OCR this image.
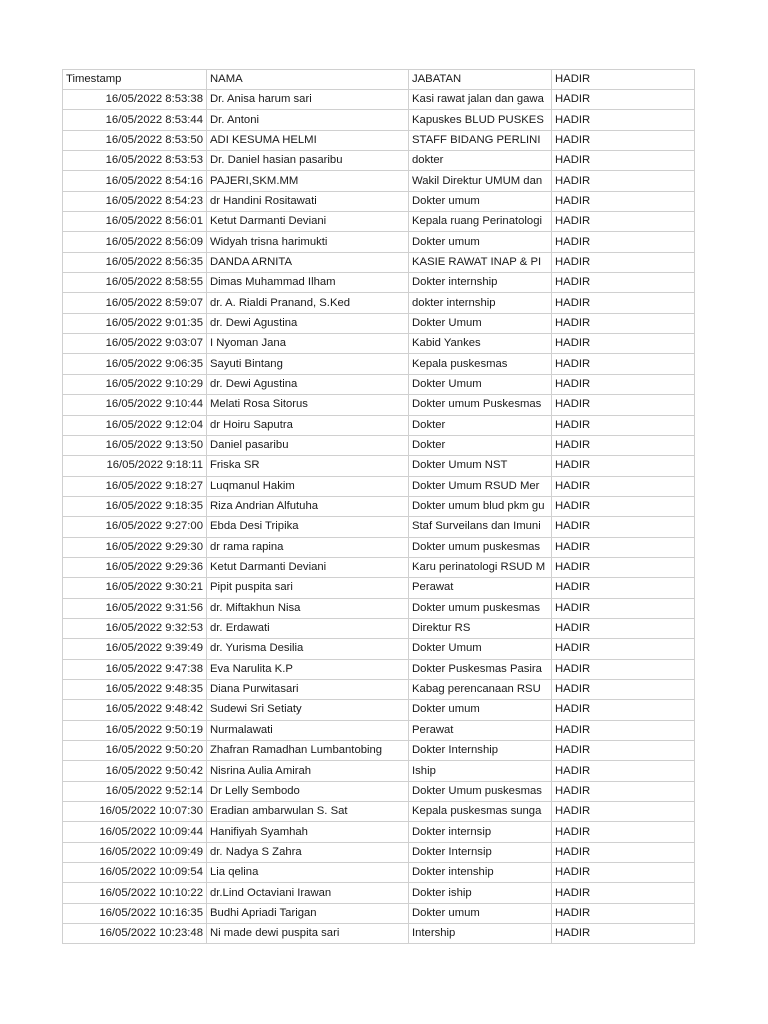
Timestamp	NAMA	JABATAN	HADIR
16/05/2022 8:53:38	Dr. Anisa harum sari	Kasi rawat jalan dan gawa	HADIR
16/05/2022 8:53:44	Dr. Antoni	Kapuskes BLUD PUSKES	HADIR
16/05/2022 8:53:50	ADI KESUMA HELMI	STAFF BIDANG PERLINI	HADIR
16/05/2022 8:53:53	Dr. Daniel hasian pasaribu	dokter	HADIR
16/05/2022 8:54:16	PAJERI,SKM.MM	Wakil Direktur UMUM dan	HADIR
16/05/2022 8:54:23	dr Handini Rositawati	Dokter umum	HADIR
16/05/2022 8:56:01	Ketut Darmanti Deviani	Kepala ruang Perinatologi	HADIR
16/05/2022 8:56:09	Widyah trisna harimukti	Dokter umum	HADIR
16/05/2022 8:56:35	DANDA ARNITA	KASIE RAWAT INAP & PI	HADIR
16/05/2022 8:58:55	Dimas Muhammad Ilham	Dokter internship	HADIR
16/05/2022 8:59:07	dr. A. Rialdi Pranand, S.Ked	dokter internship	HADIR
16/05/2022 9:01:35	dr. Dewi Agustina	Dokter Umum	HADIR
16/05/2022 9:03:07	I Nyoman Jana	Kabid Yankes	HADIR
16/05/2022 9:06:35	Sayuti Bintang	Kepala puskesmas	HADIR
16/05/2022 9:10:29	dr. Dewi Agustina	Dokter Umum	HADIR
16/05/2022 9:10:44	Melati Rosa Sitorus	Dokter umum Puskesmas	HADIR
16/05/2022 9:12:04	dr Hoiru Saputra	Dokter	HADIR
16/05/2022 9:13:50	Daniel pasaribu	Dokter	HADIR
16/05/2022 9:18:11	Friska SR	Dokter Umum NST	HADIR
16/05/2022 9:18:27	Luqmanul Hakim	Dokter Umum RSUD Mer	HADIR
16/05/2022 9:18:35	Riza Andrian Alfutuha	Dokter umum blud pkm gu	HADIR
16/05/2022 9:27:00	Ebda Desi Tripika	Staf Surveilans dan Imuni	HADIR
16/05/2022 9:29:30	dr rama rapina	Dokter umum puskesmas	HADIR
16/05/2022 9:29:36	Ketut Darmanti Deviani	Karu perinatologi RSUD M	HADIR
16/05/2022 9:30:21	Pipit puspita sari	Perawat	HADIR
16/05/2022 9:31:56	dr. Miftakhun Nisa	Dokter umum puskesmas	HADIR
16/05/2022 9:32:53	dr. Erdawati	Direktur RS	HADIR
16/05/2022 9:39:49	dr. Yurisma Desilia	Dokter Umum	HADIR
16/05/2022 9:47:38	Eva Narulita K.P	Dokter Puskesmas Pasira	HADIR
16/05/2022 9:48:35	Diana Purwitasari	Kabag perencanaan RSU	HADIR
16/05/2022 9:48:42	Sudewi Sri Setiaty	Dokter umum	HADIR
16/05/2022 9:50:19	Nurmalawati	Perawat	HADIR
16/05/2022 9:50:20	Zhafran Ramadhan Lumbantobing	Dokter Internship	HADIR
16/05/2022 9:50:42	Nisrina Aulia Amirah	Iship	HADIR
16/05/2022 9:52:14	Dr Lelly Sembodo	Dokter Umum puskesmas	HADIR
16/05/2022 10:07:30	Eradian ambarwulan S. Sat	Kepala puskesmas sunga	HADIR
16/05/2022 10:09:44	Hanifiyah Syamhah	Dokter internsip	HADIR
16/05/2022 10:09:49	dr. Nadya S Zahra	Dokter Internsip	HADIR
16/05/2022 10:09:54	Lia qelina	Dokter intenship	HADIR
16/05/2022 10:10:22	dr.Lind Octaviani Irawan	Dokter iship	HADIR
16/05/2022 10:16:35	Budhi Apriadi Tarigan	Dokter umum	HADIR
16/05/2022 10:23:48	Ni made dewi puspita sari	Intership	HADIR
